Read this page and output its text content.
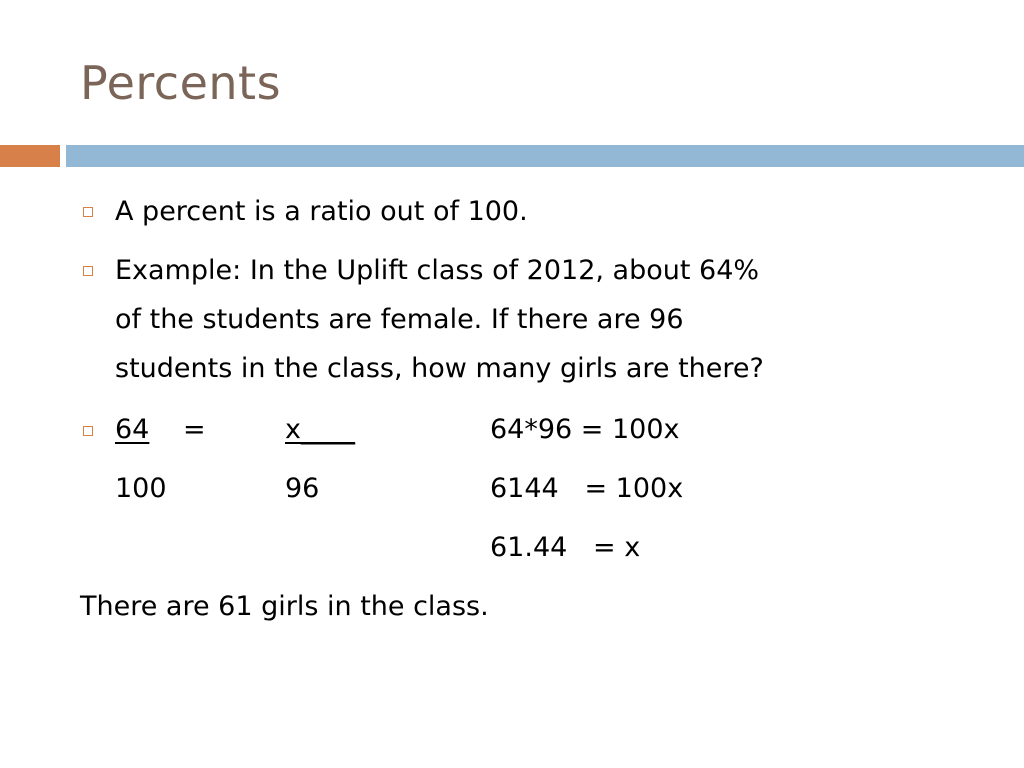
Percents
A percent is a ratio out of 100.
Example: In the Uplift class of 2012, about 64%
of the students are female. If there are 96
students in the class, how many girls are there?
64 =	x____	64*96 = 100x
100	96	6144   = 100x
61.44   = x
There are 61 girls in the class.
